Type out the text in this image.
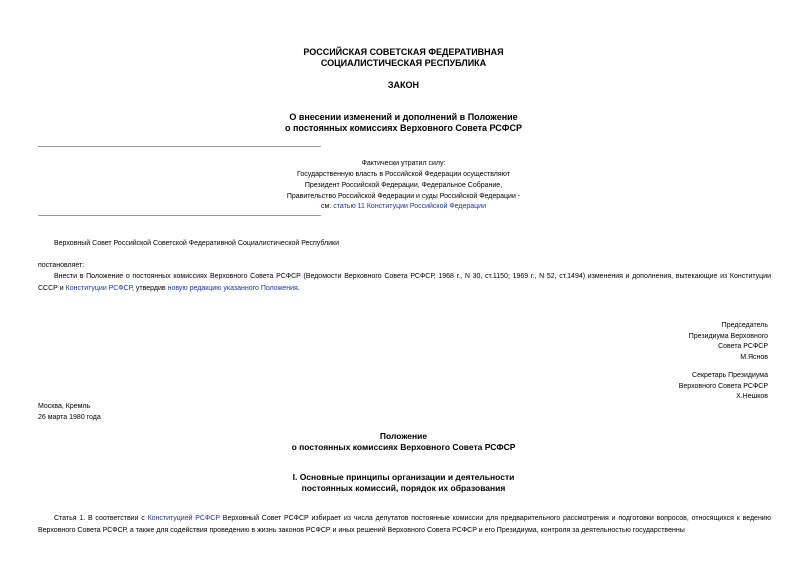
РОССИЙСКАЯ СОВЕТСКАЯ ФЕДЕРАТИВНАЯ
СОЦИАЛИСТИЧЕСКАЯ РЕСПУБЛИКА
ЗАКОН
О внесении изменений и дополнений в Положение
о постоянных комиссиях Верховного Совета РСФСР
Фактически утратил силу:
Государственную власть в Российской Федерации осуществляют
Президент Российской Федерации, Федеральное Собрание,
Правительство Российской Федерации и суды Российской Федерации -
см. статью 11 Конституции Российской Федерации
Верховный Совет Российской Советской Федеративной Социалистической Республики
постановляет:
Внести в Положение о постоянных комиссиях Верховного Совета РСФСР (Ведомости Верховного Совета РСФСР, 1968 г., N 30, ст.1150; 1969 г., N 52, ст.1494) изменения и дополнения, вытекающие из Конституции СССР и Конституции РСФСР, утвердив новую редакцию указанного Положения.
Председатель
Президиума Верховного
Совета РСФСР
М.Яснов
Секретарь Президиума
Верховного Совета РСФСР
Х.Нешков
Москва, Кремль
26 марта 1980 года
Положение
о постоянных комиссиях Верховного Совета РСФСР
I. Основные принципы организации и деятельности
постоянных комиссий, порядок их образования
Статья 1. В соответствии с Конституцией РСФСР Верховный Совет РСФСР избирает из числа депутатов постоянные комиссии для предварительного рассмотрения и подготовки вопросов, относящихся к ведению Верховного Совета РСФСР, а также для содействия проведению в жизнь законов РСФСР и иных решений Верховного Совета РСФСР и его Президиума, контроля за деятельностью государственны
